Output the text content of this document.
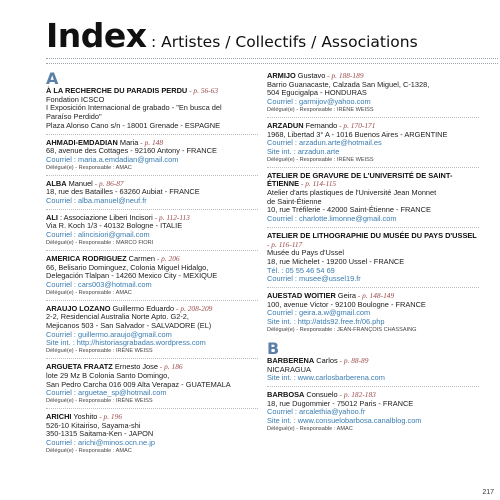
Index : Artistes / Collectifs / Associations
A
À LA RECHERCHE DU PARADIS PERDU - p. 56-63
Fondation ICSCO
I Exposición Internacional de grabado - "En busca del
Paraíso Perdido"
Plaza Alonso Cano s/n - 18001 Grenade - ESPAGNE
AHMADI-EMDADIAN Maria - p. 148
68, avenue des Cottages - 92160 Antony - FRANCE
Courriel : maria.a.emdadian@gmail.com
Délégué(e) - Responsable : AMAC
ALBA Manuel - p. 86-87
18, rue des Batailles - 63260 Aubiat - FRANCE
Courriel : alba.manuel@neuf.fr
ALI : Associazione Liberi Incisori - p. 112-113
Via R. Koch 1/3 - 40132 Bologne - ITALIE
Courriel : alincisiori@gmail.com
Délégué(e) - Responsable : MARCO FIORI
AMERICA RODRIGUEZ Carmen - p. 206
66, Belisario Dominguez, Colonia Miguel Hidalgo,
Delegación Tlalpan - 14260 Mexico City - MEXIQUE
Courriel : cars003@hotmail.com
Délégué(e) - Responsable : AMAC
ARAUJO LOZANO Guillermo Eduardo - p. 208-209
2-2, Residencial Australia Norte Apto. G2-2,
Mejicanos 503 - San Salvador - SALVADORE (EL)
Courriel : guillermo.araujo@gmail.com
Site int. : http://historiasgrabadas.wordpress.com
Délégué(e) - Responsable : IRÈNE WEISS
ARGUETA FRAATZ Ernesto Jose - p. 186
lote 29 Mz B Colonia Santo Domingo,
San Pedro Carcha 016 009 Alta Verapaz - GUATEMALA
Courriel : arguetae_sp@hotmail.com
Délégué(e) - Responsable : IRÈNE WEISS
ARICHI Yoshito - p. 196
526-10 Kitairiso, Sayama-shi
350-1315 Saitama-Ken - JAPON
Courriel : arichi@minos.ocn.ne.jp
Délégué(e) - Responsable : AMAC
ARMIJO Gustavo - p. 188-189
Barrio Guanacaste, Calzada San Miguel, C-1328,
504 Egucigalpa - HONDURAS
Courriel : garmijov@yahoo.com
Délégué(e) - Responsable : IRÈNE WEISS
ARZADUN Fernando - p. 170-171
1968, Libertad 3° A - 1016 Buenos Aires - ARGENTINE
Courriel : arzadun.arte@hotmail.es
Site int. : arzadun.arte
Délégué(e) - Responsable : IRÈNE WEISS
ATELIER DE GRAVURE DE L'UNIVERSITÉ DE SAINT-ÉTIENNE - p. 114-115
Atelier d'arts plastiques de l'Université Jean Monnet
de Saint-Étienne
10, rue Tréfilerie - 42000 Saint-Étienne - FRANCE
Courriel : charlotte.limonne@gmail.com
ATELIER DE LITHOGRAPHIE DU MUSÉE DU PAYS D'USSEL - p. 116-117
Musée du Pays d'Ussel
18, rue Michelet - 19200 Ussel - FRANCE
Tél. : 05 55 46 54 69
Courriel : musee@ussel19.fr
AUESTAD WOITIER Geira - p. 148-149
100, avenue Victor - 92100 Boulogne - FRANCE
Courriel : geira.a.w@gmail.com
Site int. : http://atds92.free.fr/06.php
Délégué(e) - Responsable : JEAN-FRANÇOIS CHASSAING
B
BARBERENA Carlos - p. 88-89
NICARAGUA
Site int. : www.carlosbarberena.com
BARBOSA Consuelo - p. 182-183
18, rue Dugommier - 75012 Paris - FRANCE
Courriel : arcalethia@yahoo.fr
Site int. : www.consuelobarbosa.canalblog.com
Délégué(e) - Responsable : AMAC
217
